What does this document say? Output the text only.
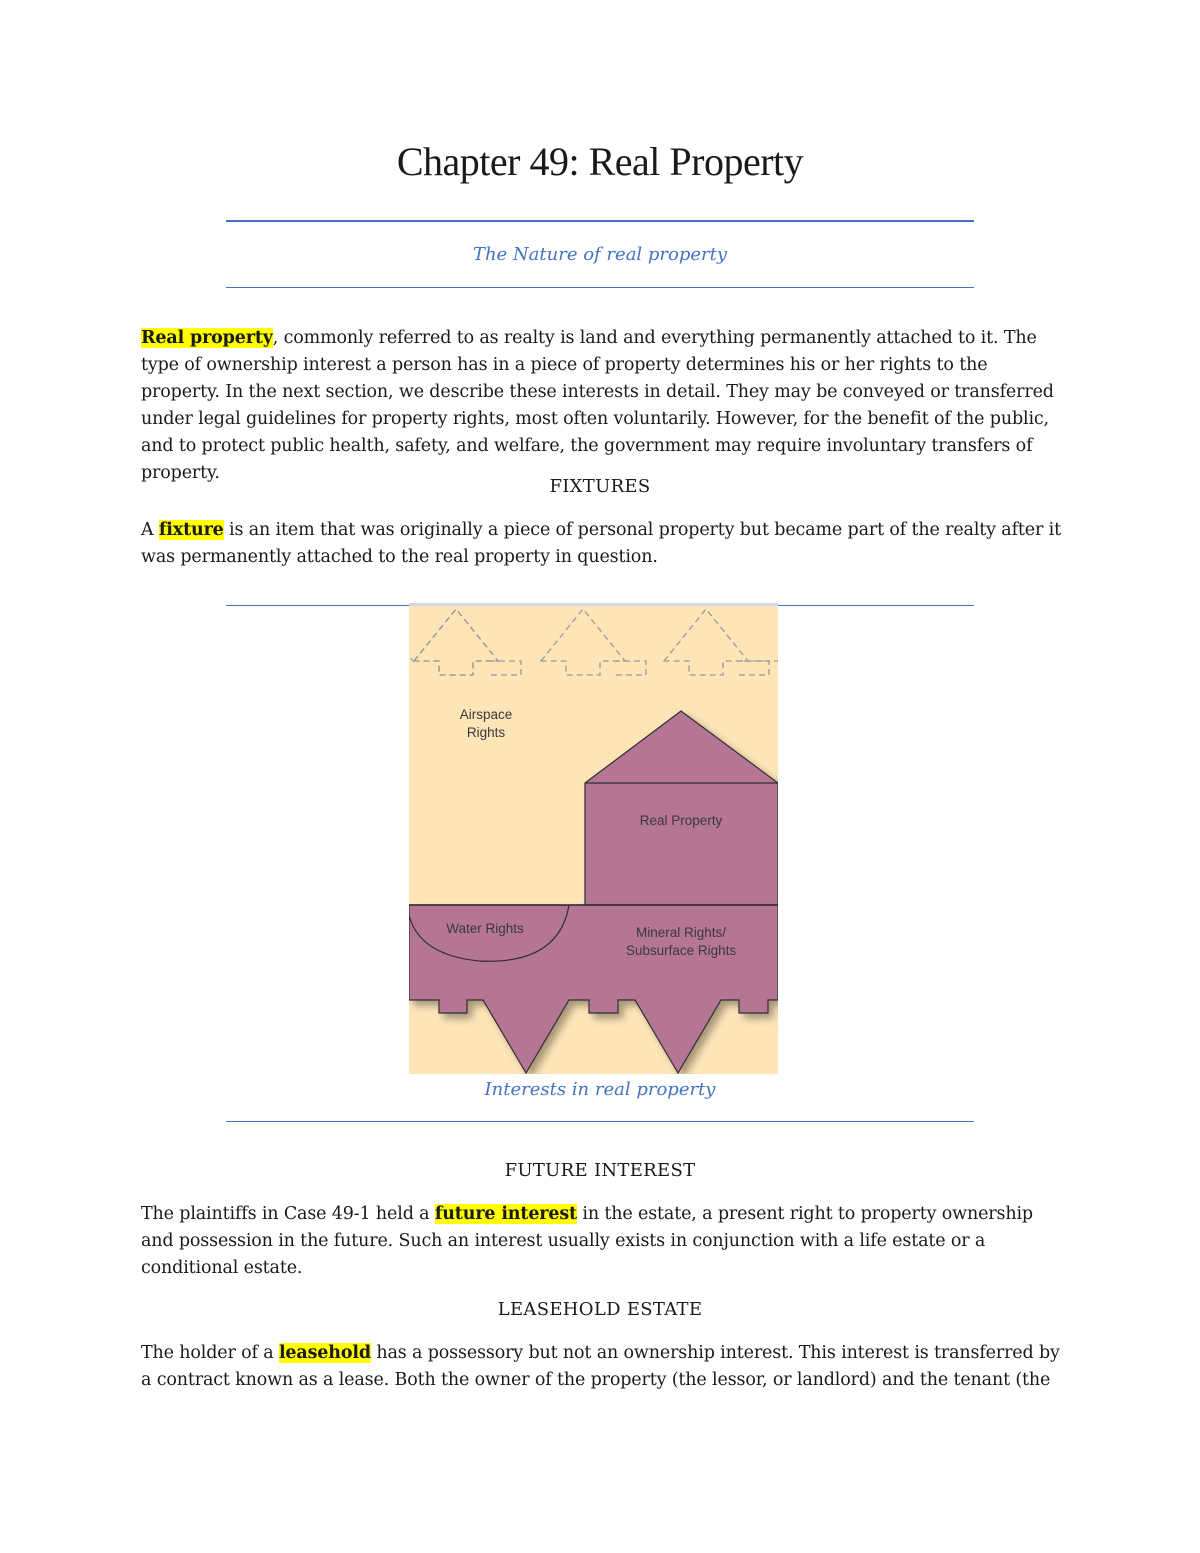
Chapter 49: Real Property

The Nature of real property

Real property, commonly referred to as realty is land and everything permanently attached to it. The type of ownership interest a person has in a piece of property determines his or her rights to the property. In the next section, we describe these interests in detail. They may be conveyed or transferred under legal guidelines for property rights, most often voluntarily. However, for the benefit of the public, and to protect public health, safety, and welfare, the government may require involuntary transfers of property.

FIXTURES

A fixture is an item that was originally a piece of personal property but became part of the realty after it was permanently attached to the real property in question.

Airspace
Rights
Real Property
Water Rights	Mineral Rights/
Subsurface Rights

Interests in real property

FUTURE INTEREST

The plaintiffs in Case 49-1 held a future interest in the estate, a present right to property ownership and possession in the future. Such an interest usually exists in conjunction with a life estate or a conditional estate.

LEASEHOLD ESTATE

The holder of a leasehold has a possessory but not an ownership interest. This interest is transferred by a contract known as a lease. Both the owner of the property (the lessor, or landlord) and the tenant (the
